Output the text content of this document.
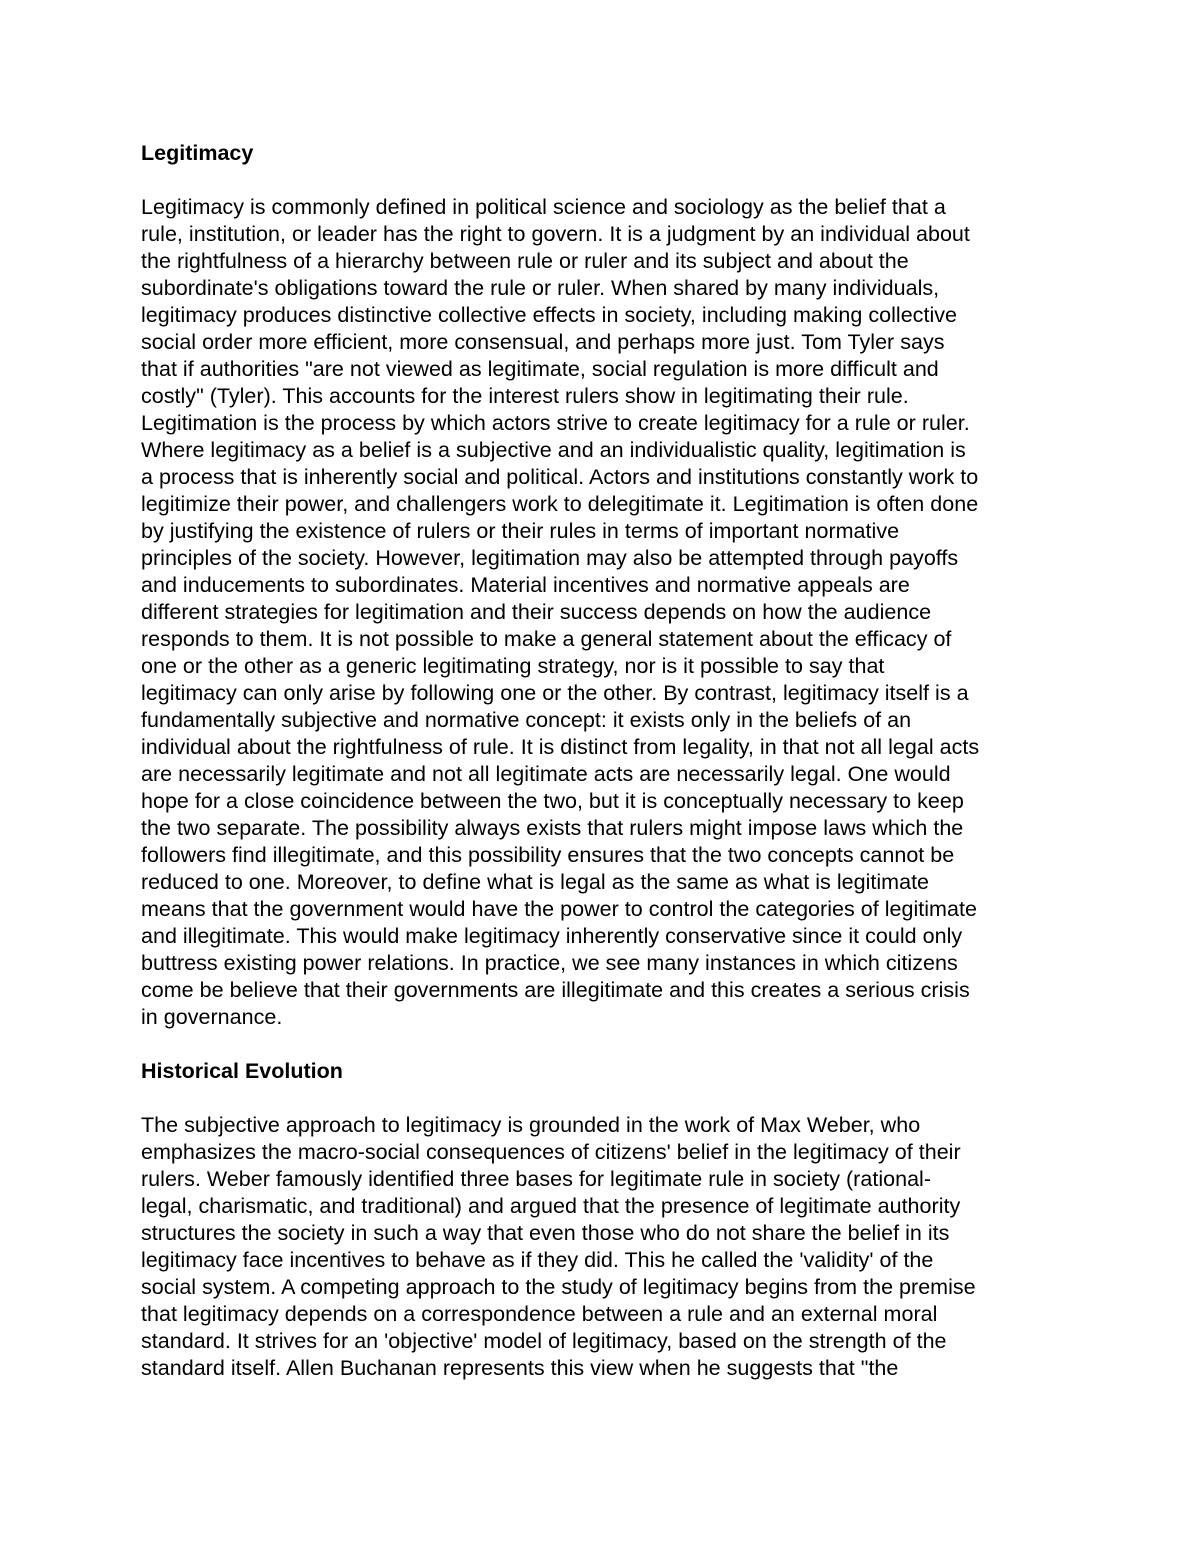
Legitimacy
Legitimacy is commonly defined in political science and sociology as the belief that a
rule, institution, or leader has the right to govern. It is a judgment by an individual about
the rightfulness of a hierarchy between rule or ruler and its subject and about the
subordinate's obligations toward the rule or ruler. When shared by many individuals,
legitimacy produces distinctive collective effects in society, including making collective
social order more efficient, more consensual, and perhaps more just. Tom Tyler says
that if authorities "are not viewed as legitimate, social regulation is more difficult and
costly" (Tyler). This accounts for the interest rulers show in legitimating their rule.
Legitimation is the process by which actors strive to create legitimacy for a rule or ruler.
Where legitimacy as a belief is a subjective and an individualistic quality, legitimation is
a process that is inherently social and political. Actors and institutions constantly work to
legitimize their power, and challengers work to delegitimate it. Legitimation is often done
by justifying the existence of rulers or their rules in terms of important normative
principles of the society. However, legitimation may also be attempted through payoffs
and inducements to subordinates. Material incentives and normative appeals are
different strategies for legitimation and their success depends on how the audience
responds to them. It is not possible to make a general statement about the efficacy of
one or the other as a generic legitimating strategy, nor is it possible to say that
legitimacy can only arise by following one or the other. By contrast, legitimacy itself is a
fundamentally subjective and normative concept: it exists only in the beliefs of an
individual about the rightfulness of rule. It is distinct from legality, in that not all legal acts
are necessarily legitimate and not all legitimate acts are necessarily legal. One would
hope for a close coincidence between the two, but it is conceptually necessary to keep
the two separate. The possibility always exists that rulers might impose laws which the
followers find illegitimate, and this possibility ensures that the two concepts cannot be
reduced to one. Moreover, to define what is legal as the same as what is legitimate
means that the government would have the power to control the categories of legitimate
and illegitimate. This would make legitimacy inherently conservative since it could only
buttress existing power relations. In practice, we see many instances in which citizens
come be believe that their governments are illegitimate and this creates a serious crisis
in governance.
Historical Evolution
The subjective approach to legitimacy is grounded in the work of Max Weber, who
emphasizes the macro-social consequences of citizens' belief in the legitimacy of their
rulers. Weber famously identified three bases for legitimate rule in society (rational-
legal, charismatic, and traditional) and argued that the presence of legitimate authority
structures the society in such a way that even those who do not share the belief in its
legitimacy face incentives to behave as if they did. This he called the 'validity' of the
social system. A competing approach to the study of legitimacy begins from the premise
that legitimacy depends on a correspondence between a rule and an external moral
standard. It strives for an 'objective' model of legitimacy, based on the strength of the
standard itself. Allen Buchanan represents this view when he suggests that "the
